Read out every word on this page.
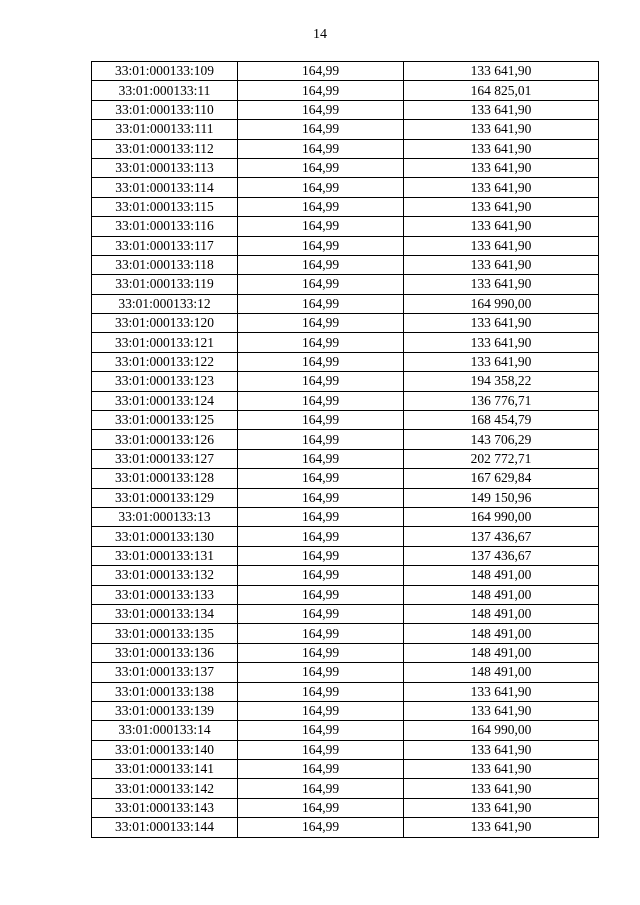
14
33:01:000133:109	164,99	133 641,90
33:01:000133:11	164,99	164 825,01
33:01:000133:110	164,99	133 641,90
33:01:000133:111	164,99	133 641,90
33:01:000133:112	164,99	133 641,90
33:01:000133:113	164,99	133 641,90
33:01:000133:114	164,99	133 641,90
33:01:000133:115	164,99	133 641,90
33:01:000133:116	164,99	133 641,90
33:01:000133:117	164,99	133 641,90
33:01:000133:118	164,99	133 641,90
33:01:000133:119	164,99	133 641,90
33:01:000133:12	164,99	164 990,00
33:01:000133:120	164,99	133 641,90
33:01:000133:121	164,99	133 641,90
33:01:000133:122	164,99	133 641,90
33:01:000133:123	164,99	194 358,22
33:01:000133:124	164,99	136 776,71
33:01:000133:125	164,99	168 454,79
33:01:000133:126	164,99	143 706,29
33:01:000133:127	164,99	202 772,71
33:01:000133:128	164,99	167 629,84
33:01:000133:129	164,99	149 150,96
33:01:000133:13	164,99	164 990,00
33:01:000133:130	164,99	137 436,67
33:01:000133:131	164,99	137 436,67
33:01:000133:132	164,99	148 491,00
33:01:000133:133	164,99	148 491,00
33:01:000133:134	164,99	148 491,00
33:01:000133:135	164,99	148 491,00
33:01:000133:136	164,99	148 491,00
33:01:000133:137	164,99	148 491,00
33:01:000133:138	164,99	133 641,90
33:01:000133:139	164,99	133 641,90
33:01:000133:14	164,99	164 990,00
33:01:000133:140	164,99	133 641,90
33:01:000133:141	164,99	133 641,90
33:01:000133:142	164,99	133 641,90
33:01:000133:143	164,99	133 641,90
33:01:000133:144	164,99	133 641,90
